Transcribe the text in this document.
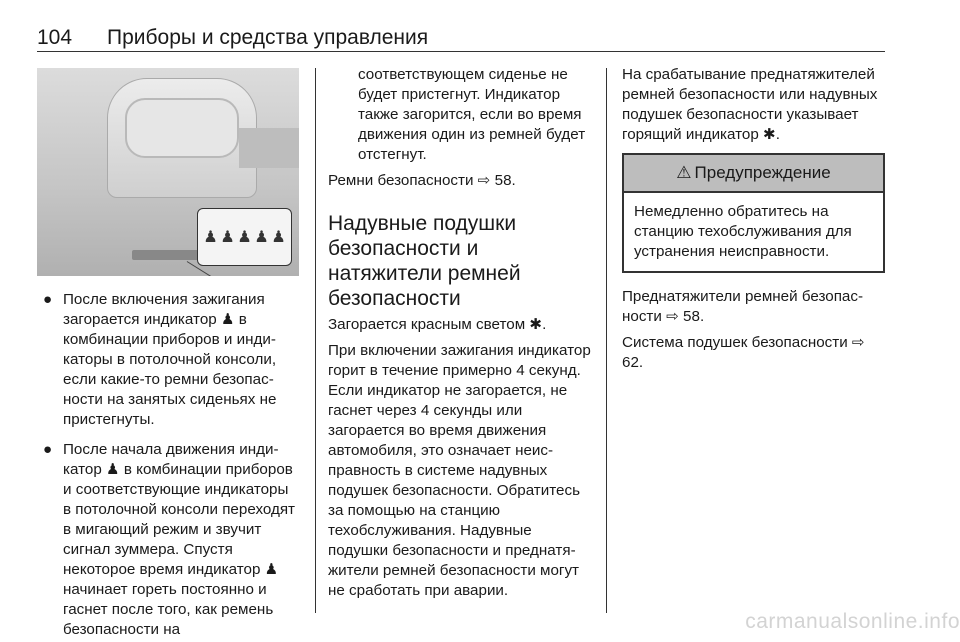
104 Приборы и средства управления
♟ ♟ ♟ ♟ ♟
● После включения зажигания загорается индикатор ♟ в комбинации приборов и индикаторы в потолочной консоли, если какие-то ремни безопасности на занятых сиденьях не пристегнуты.
● После начала движения индикатор ♟ в комбинации приборов и соответствующие индикаторы в потолочной консоли переходят в мигающий режим и звучит сигнал зуммера. Спустя некоторое время индикатор ♟ начинает гореть постоянно и гаснет после того, как ремень безопасности на

соответствующем сиденье не будет пристегнут. Индикатор также загорится, если во время движения один из ремней будет отстегнут.

Ремни безопасности ⇨ 58.

Надувные подушки безопасности и натяжители ремней безопасности

Загорается красным светом ✱.

При включении зажигания индикатор горит в течение примерно 4 секунд. Если индикатор не загорается, не гаснет через 4 секунды или загорается во время движения автомобиля, это означает неисправность в системе надувных подушек безопасности. Обратитесь за помощью на станцию техобслуживания. Надувные подушки безопасности и преднатяжители ремней безопасности могут не сработать при аварии.

На срабатывание преднатяжителей ремней безопасности или надувных подушек безопасности указывает горящий индикатор ✱.

⚠ Предупреждение
Немедленно обратитесь на станцию техобслуживания для устранения неисправности.

Преднатяжители ремней безопасности ⇨ 58.

Система подушек безопасности ⇨ 62.

carmanualsonline.info
